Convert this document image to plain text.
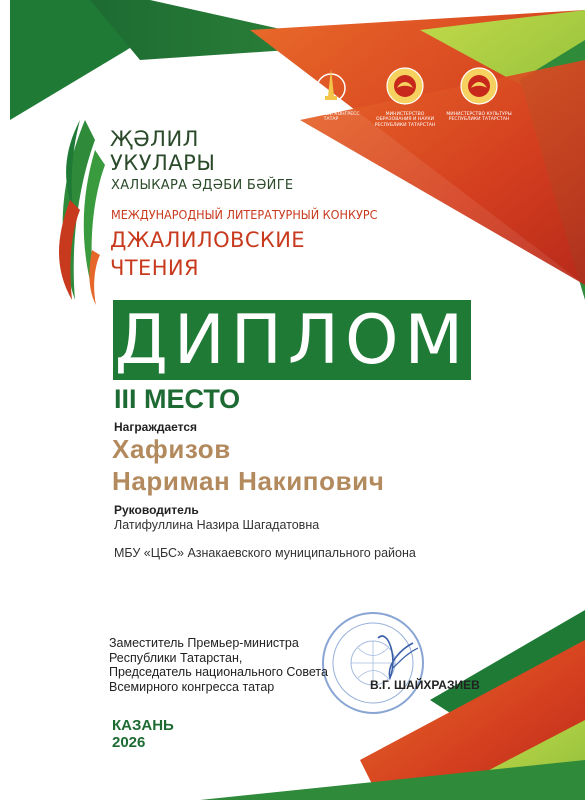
ВСЕМИРНЫЙ КОНГРЕСС ТАТАР
МИНИСТЕРСТВО ОБРАЗОВАНИЯ И НАУКИ РЕСПУБЛИКИ ТАТАРСТАН
МИНИСТЕРСТВО КУЛЬТУРЫ РЕСПУБЛИКИ ТАТАРСТАН
ҖӘЛИЛ
УКУЛАРЫ
ХАЛЫКАРА ӘДӘБИ БӘЙГЕ
МЕЖДУНАРОДНЫЙ ЛИТЕРАТУРНЫЙ КОНКУРС
ДЖАЛИЛОВСКИЕ
ЧТЕНИЯ
ДИПЛОМ
III МЕСТО
Награждается
Хафизов
Нариман Накипович
Руководитель
Латифуллина Назира Шагадатовна
МБУ «ЦБС» Азнакаевского муниципального района
Заместитель Премьер-министра
Республики Татарстан,
Председатель национального Совета
Всемирного конгресса татар	В.Г. ШАЙХРАЗИЕВ
КАЗАНЬ
2026
